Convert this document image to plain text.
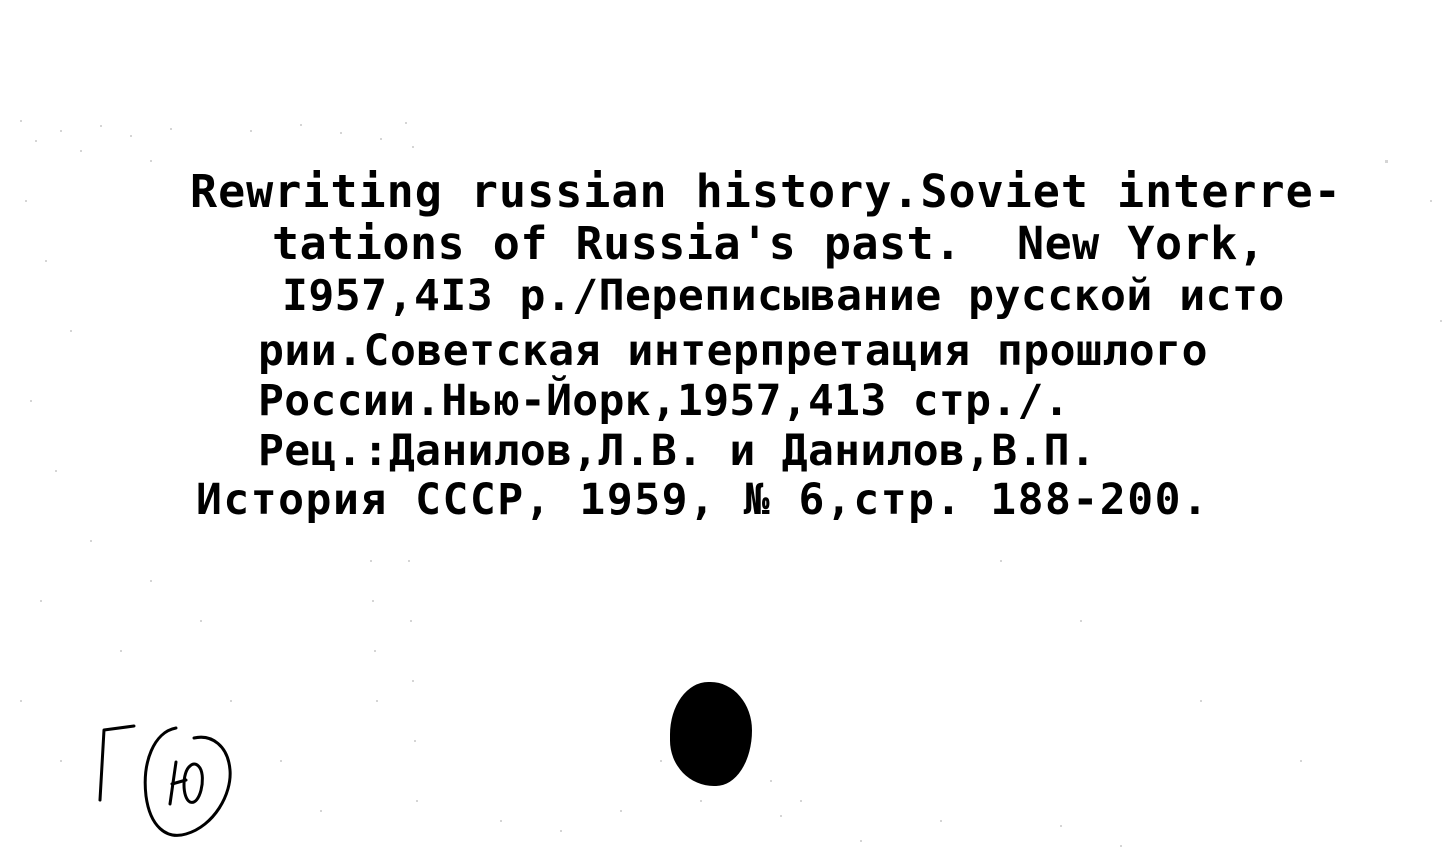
Rewriting russian history.Soviet interre-
tations of Russia's past.  New York,
I957,4I3 p./Переписывание русской исто
рии.Советская интерпретация прошлого
России.Нью-Йорк,1957,413 стр./.
Рец.:Данилов,Л.В. и Данилов,В.П.
История СССР, 1959, № 6,стр. 188-200.
